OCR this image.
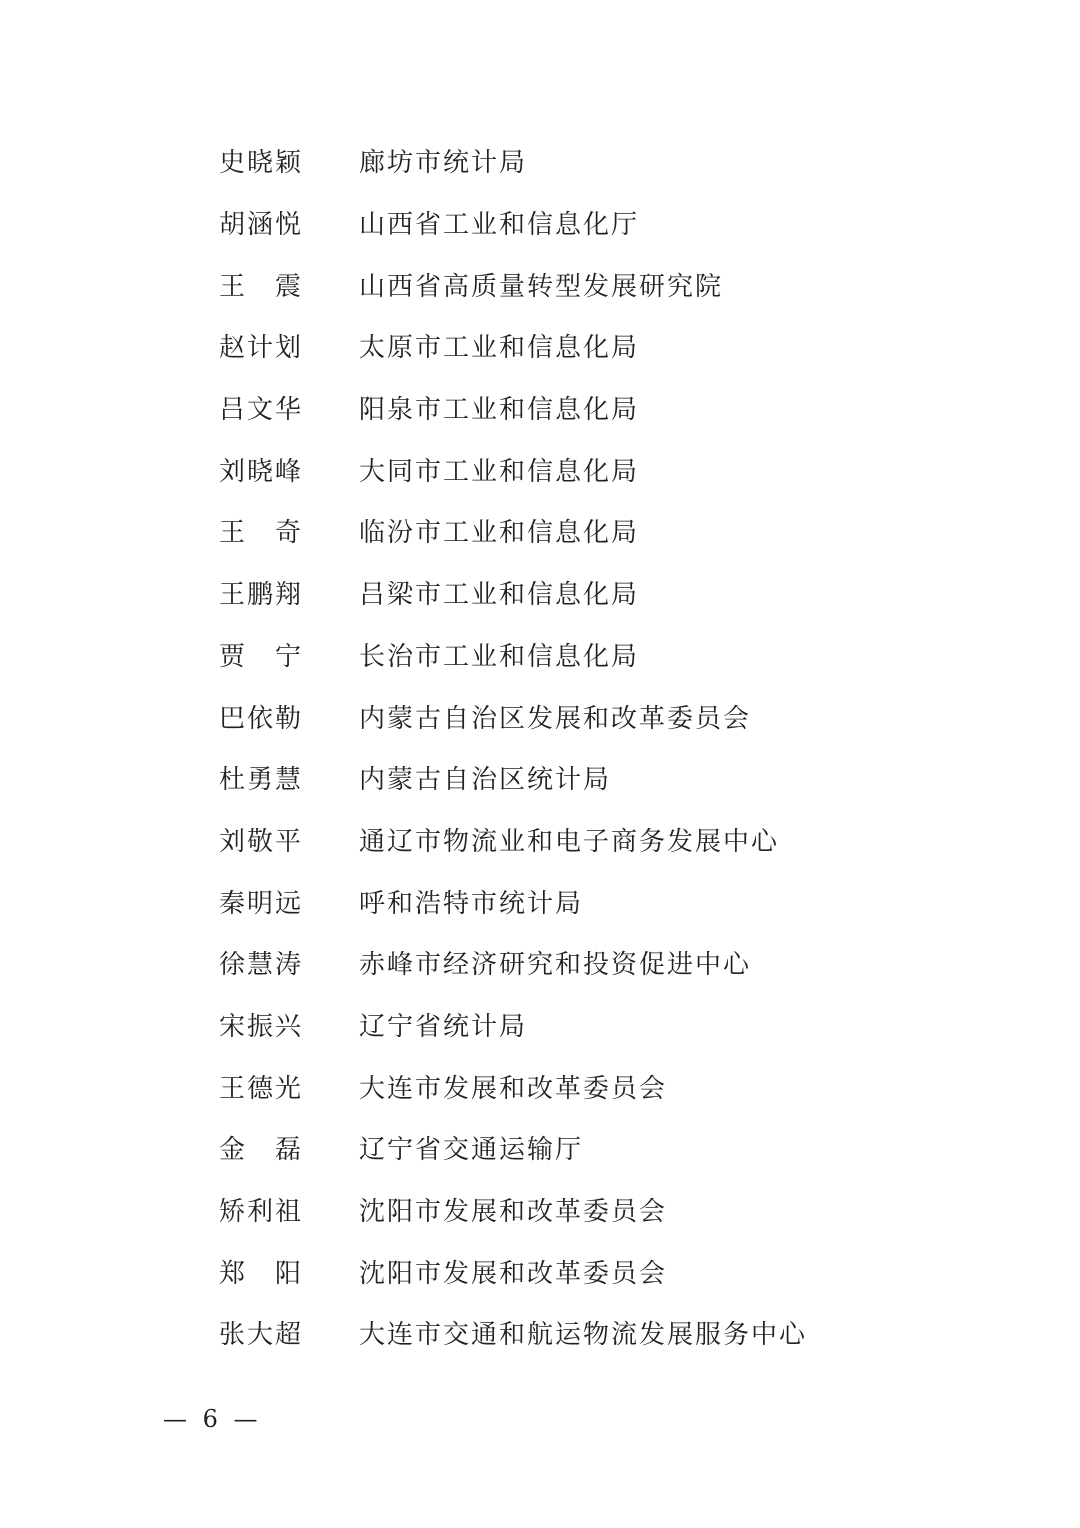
史晓颖	廊坊市统计局
胡涵悦	山西省工业和信息化厅
王　震	山西省高质量转型发展研究院
赵计划	太原市工业和信息化局
吕文华	阳泉市工业和信息化局
刘晓峰	大同市工业和信息化局
王　奇	临汾市工业和信息化局
王鹏翔	吕梁市工业和信息化局
贾　宁	长治市工业和信息化局
巴依勒	内蒙古自治区发展和改革委员会
杜勇慧	内蒙古自治区统计局
刘敬平	通辽市物流业和电子商务发展中心
秦明远	呼和浩特市统计局
徐慧涛	赤峰市经济研究和投资促进中心
宋振兴	辽宁省统计局
王德光	大连市发展和改革委员会
金　磊	辽宁省交通运输厅
矫利祖	沈阳市发展和改革委员会
郑　阳	沈阳市发展和改革委员会
张大超	大连市交通和航运物流发展服务中心
— 6 —
